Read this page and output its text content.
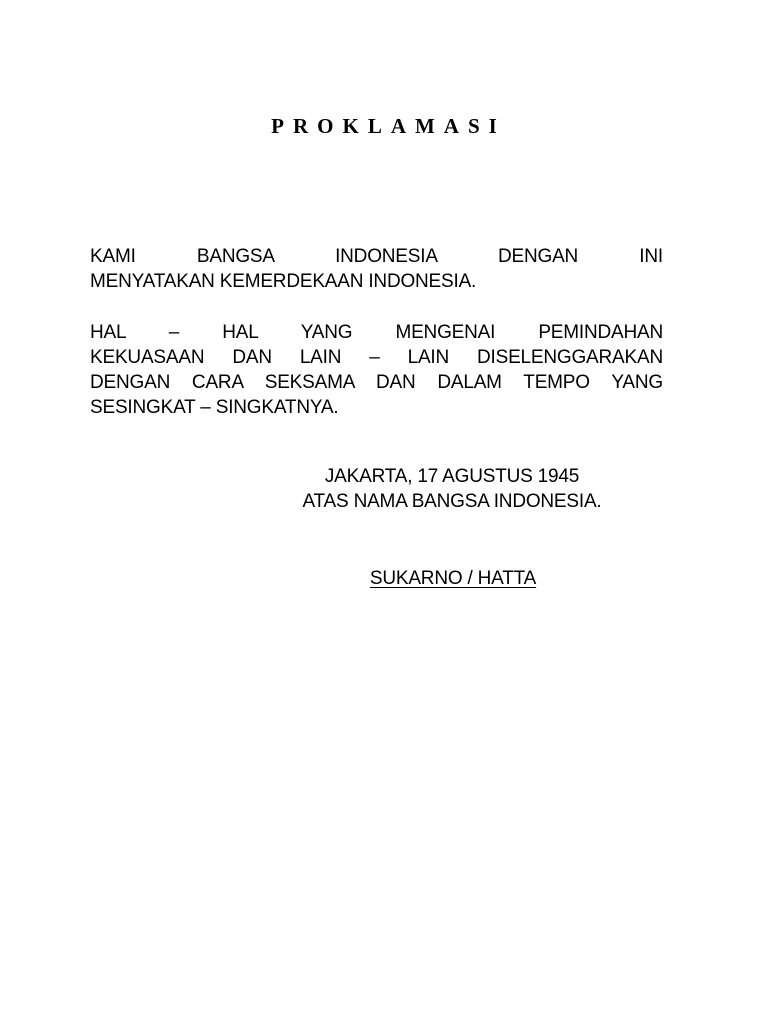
PROKLAMASI
KAMI BANGSA INDONESIA DENGAN INI
MENYATAKAN KEMERDEKAAN INDONESIA.
HAL – HAL YANG MENGENAI PEMINDAHAN
KEKUASAAN DAN LAIN – LAIN DISELENGGARAKAN
DENGAN CARA SEKSAMA DAN DALAM TEMPO YANG
SESINGKAT – SINGKATNYA.
JAKARTA, 17 AGUSTUS 1945
ATAS NAMA BANGSA INDONESIA.
SUKARNO / HATTA
